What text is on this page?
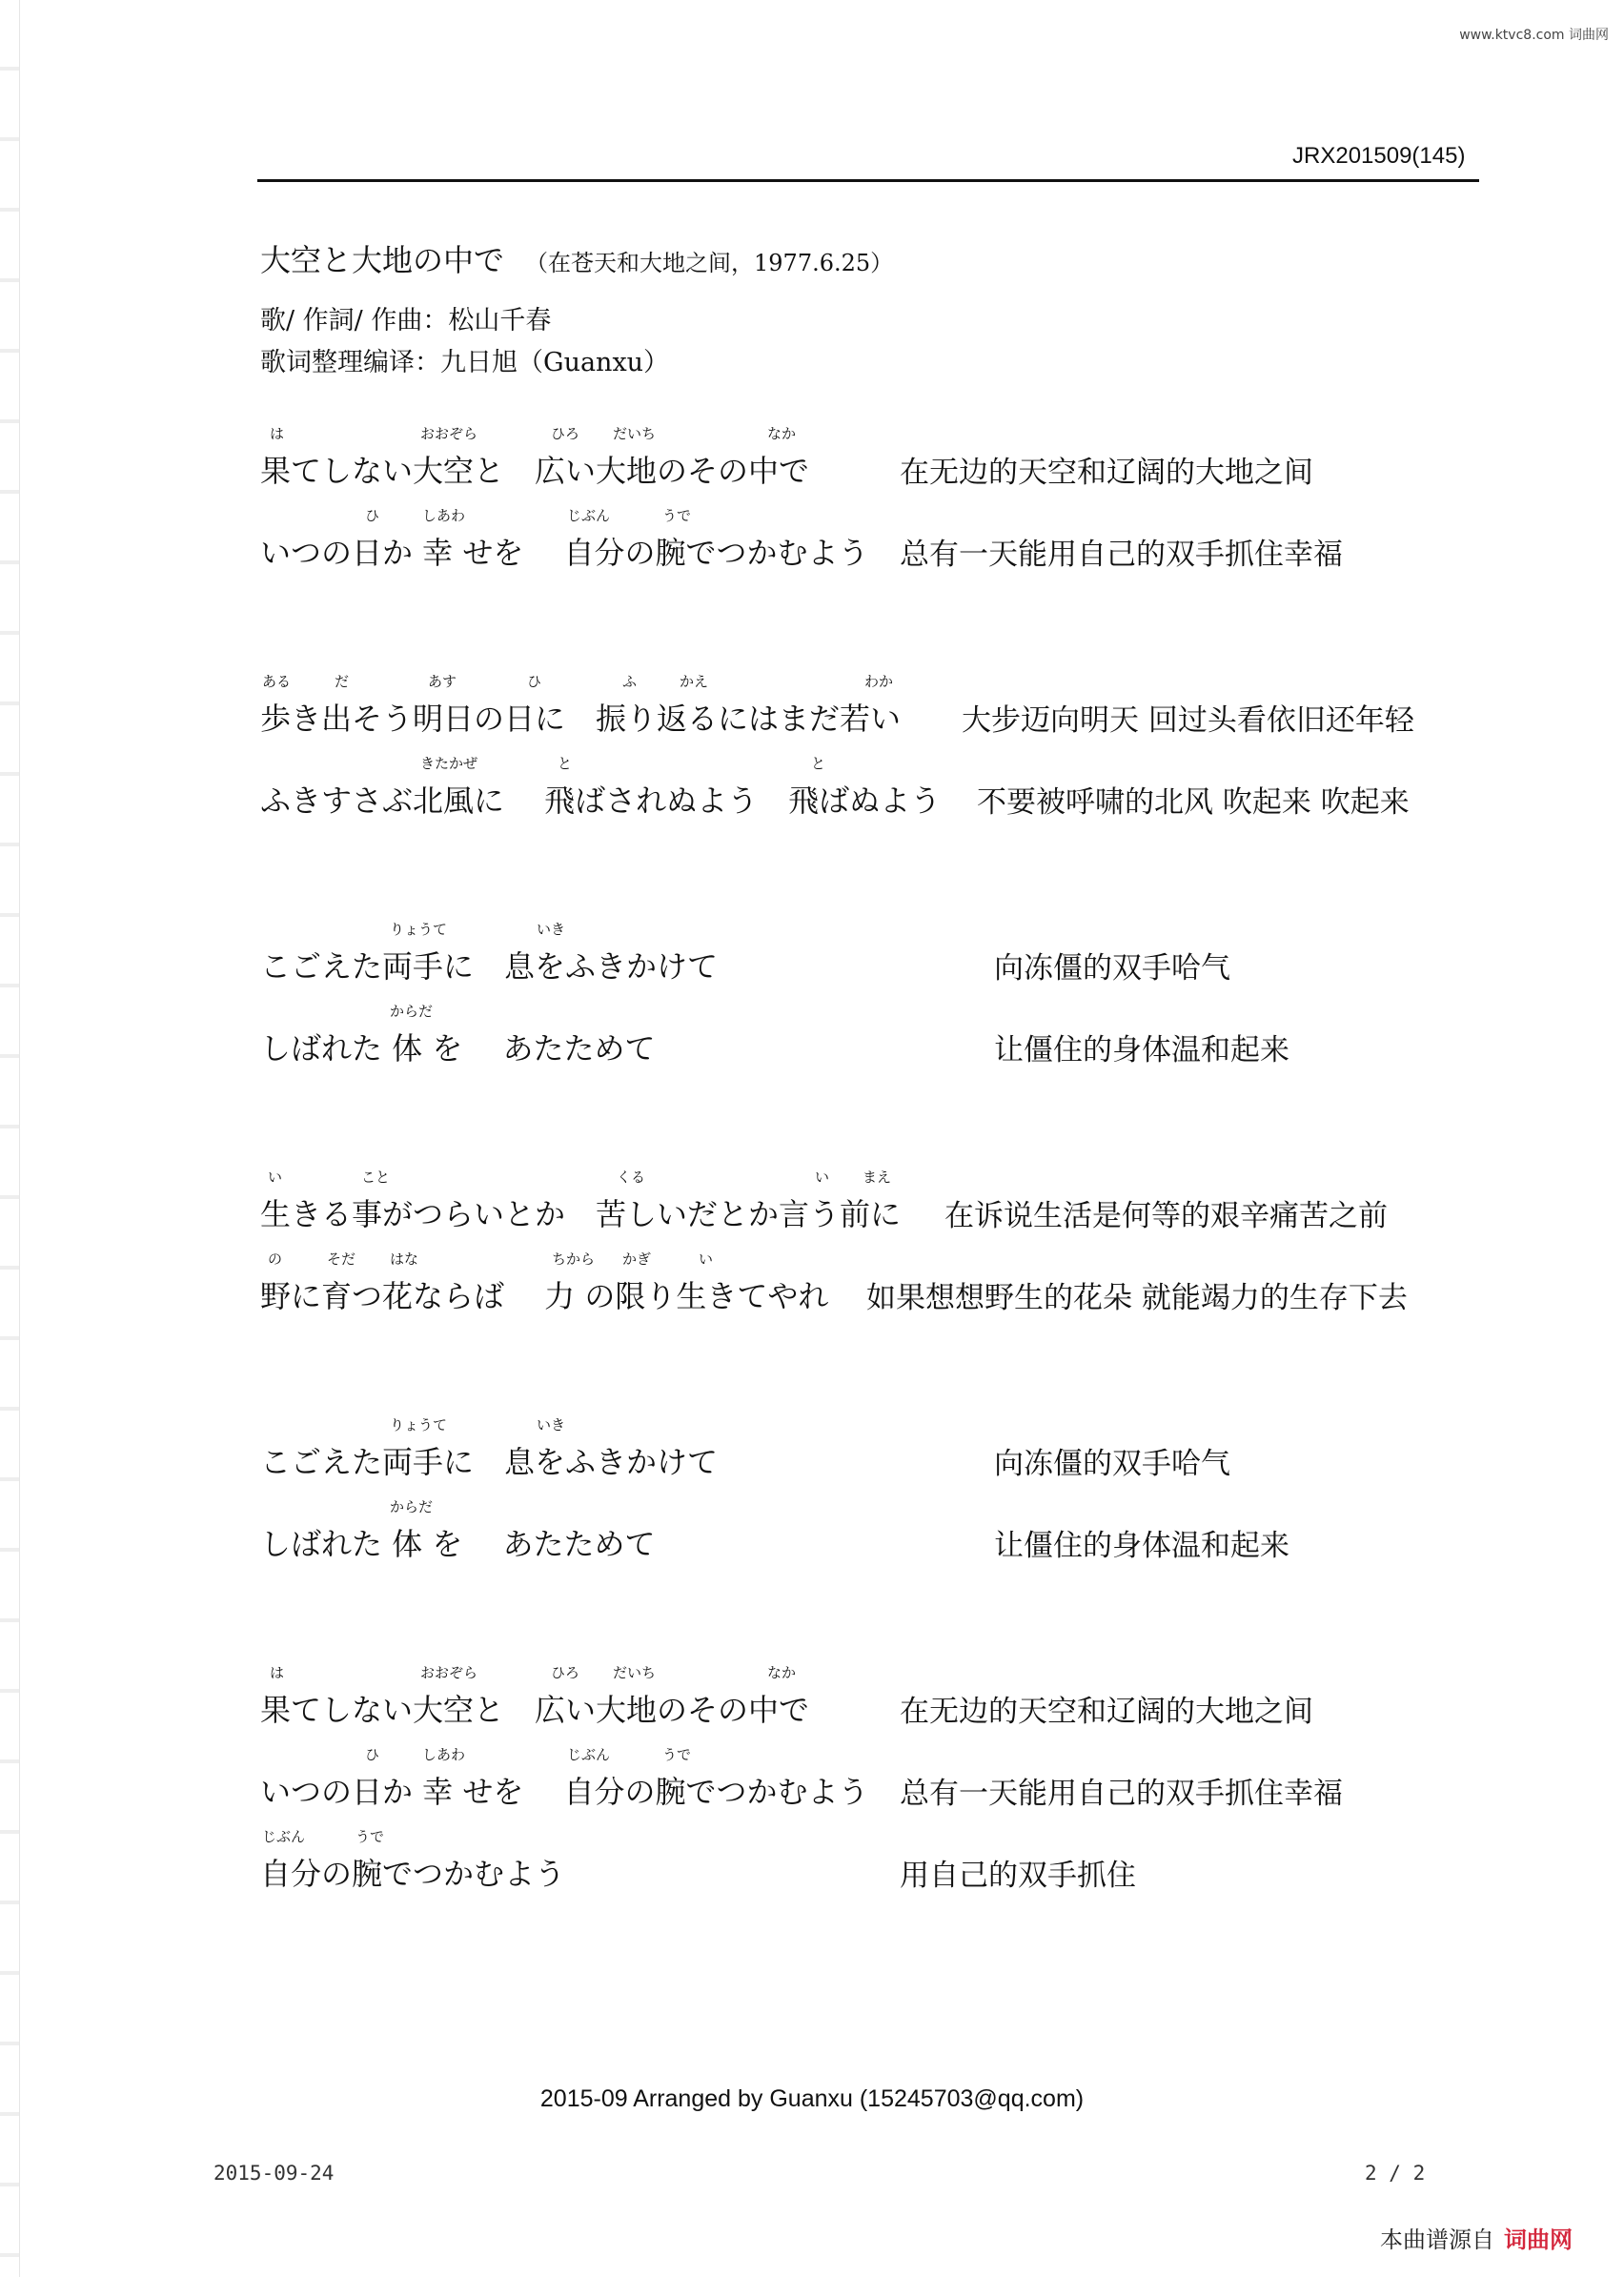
www.ktvc8.com 词曲网
JRX201509(145)
大空と大地の中で （在苍天和大地之间，1977.6.25）
歌/ 作詞/ 作曲：松山千春
歌词整理编译：九日旭（Guanxu）
は	おおぞら	ひろ だいち	なか
果てしない大空と　広い大地のその中で	在无边的天空和辽阔的大地之间
ひ	しあわ	じぶん	うで
いつの日か 幸 せを　 自分の腕でつかむよう 总有一天能用自己的双手抓住幸福
ある	だ	あす	ひ	ふ	かえ	わか
歩き出そう明日の日に　振り返るにはまだ若い 大步迈向明天 回过头看依旧还年轻
きたかぜ	と	と
ふきすさぶ北風に　 飛ばされぬよう　飛ばぬよう 不要被呼啸的北风 吹起来 吹起来
りょうて	いき
こごえた両手に　息をふきかけて	向冻僵的双手哈气
からだ
しばれた 体 を　 あたためて	让僵住的身体温和起来
い	こと	くる	い まえ
生きる事がつらいとか　苦しいだとか言う前に 在诉说生活是何等的艰辛痛苦之前
の	そだ はな	ちから かぎ	い
野に育つ花ならば　 力 の限り生きてやれ 如果想想野生的花朵 就能竭力的生存下去
りょうて	いき
こごえた両手に　息をふきかけて	向冻僵的双手哈气
からだ
しばれた 体 を　 あたためて	让僵住的身体温和起来
は	おおぞら	ひろ だいち	なか
果てしない大空と　広い大地のその中で	在无边的天空和辽阔的大地之间
ひ	しあわ	じぶん	うで
いつの日か 幸 せを　 自分の腕でつかむよう 总有一天能用自己的双手抓住幸福
じぶん	うで
自分の腕でつかむよう	用自己的双手抓住
2015-09 Arranged by Guanxu (15245703@qq.com)
2015-09-24	2 / 2
本曲谱源自 词曲网
